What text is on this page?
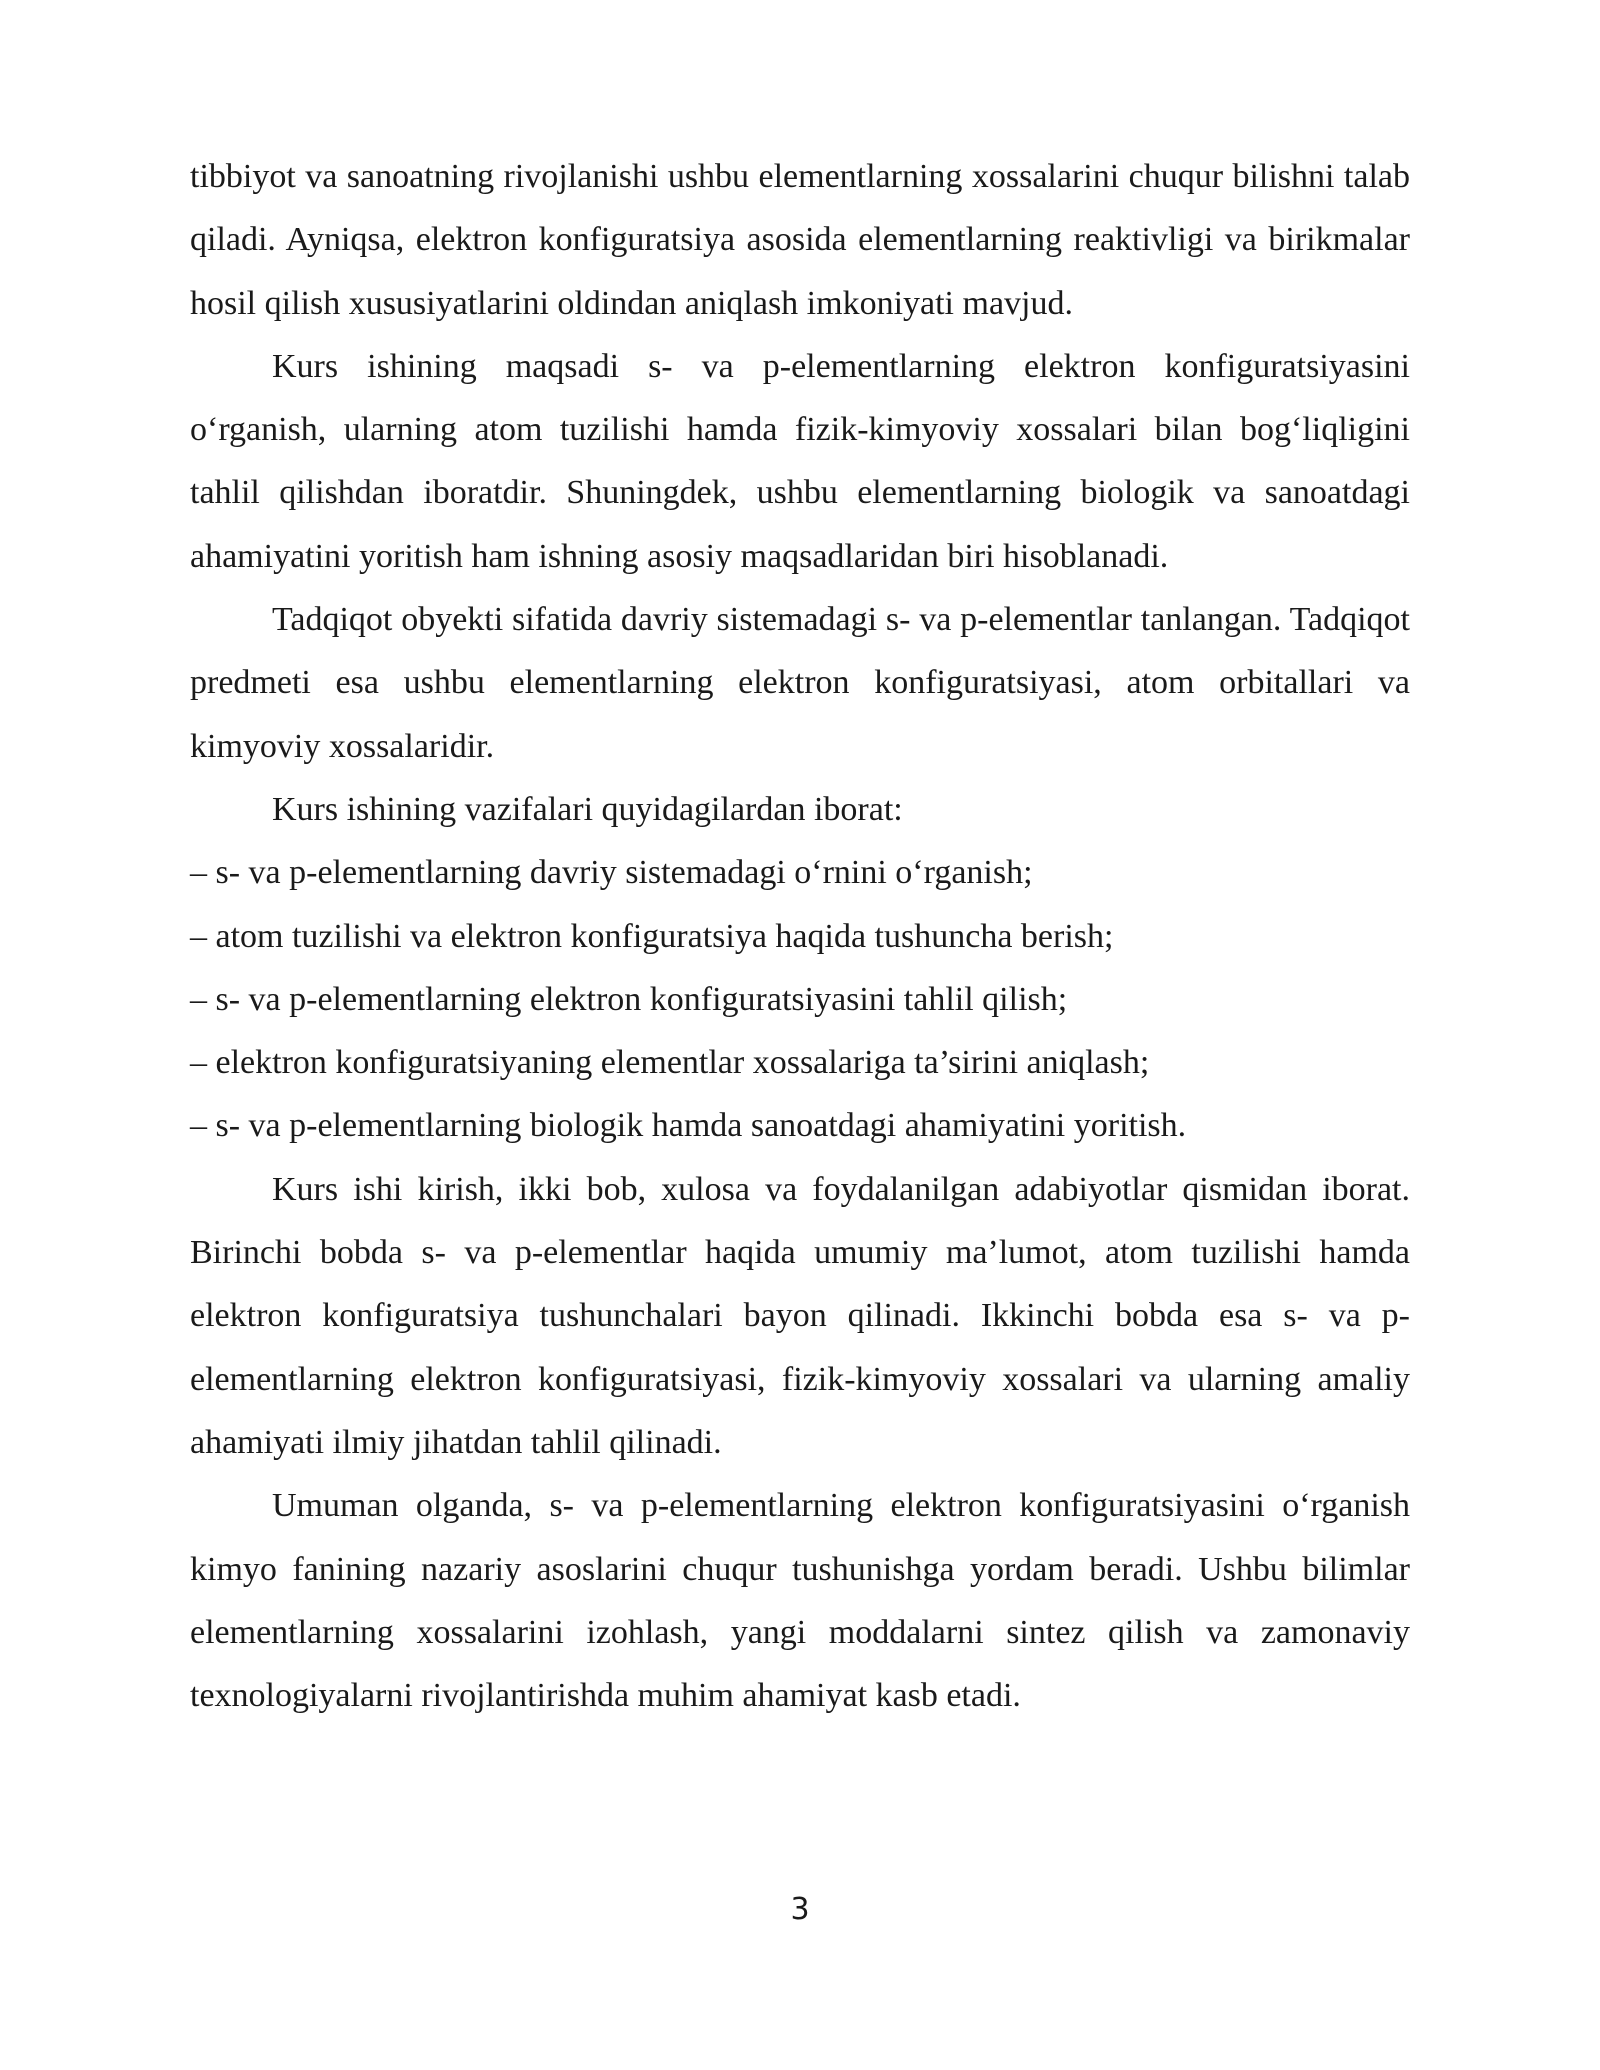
tibbiyot va sanoatning rivojlanishi ushbu elementlarning xossalarini chuqur bilishni talab qiladi. Ayniqsa, elektron konfiguratsiya asosida elementlarning reaktivligi va birikmalar hosil qilish xususiyatlarini oldindan aniqlash imkoniyati mavjud.

Kurs ishining maqsadi s- va p-elementlarning elektron konfiguratsiyasini o‘rganish, ularning atom tuzilishi hamda fizik-kimyoviy xossalari bilan bog‘liqligini tahlil qilishdan iboratdir. Shuningdek, ushbu elementlarning biologik va sanoatdagi ahamiyatini yoritish ham ishning asosiy maqsadlaridan biri hisoblanadi.

Tadqiqot obyekti sifatida davriy sistemadagi s- va p-elementlar tanlangan. Tadqiqot predmeti esa ushbu elementlarning elektron konfiguratsiyasi, atom orbitallari va kimyoviy xossalaridir.

Kurs ishining vazifalari quyidagilardan iborat:

– s- va p-elementlarning davriy sistemadagi o‘rnini o‘rganish;
– atom tuzilishi va elektron konfiguratsiya haqida tushuncha berish;
– s- va p-elementlarning elektron konfiguratsiyasini tahlil qilish;
– elektron konfiguratsiyaning elementlar xossalariga ta’sirini aniqlash;
– s- va p-elementlarning biologik hamda sanoatdagi ahamiyatini yoritish.

Kurs ishi kirish, ikki bob, xulosa va foydalanilgan adabiyotlar qismidan iborat. Birinchi bobda s- va p-elementlar haqida umumiy ma’lumot, atom tuzilishi hamda elektron konfiguratsiya tushunchalari bayon qilinadi. Ikkinchi bobda esa s- va p-elementlarning elektron konfiguratsiyasi, fizik-kimyoviy xossalari va ularning amaliy ahamiyati ilmiy jihatdan tahlil qilinadi.

Umuman olganda, s- va p-elementlarning elektron konfiguratsiyasini o‘rganish kimyo fanining nazariy asoslarini chuqur tushunishga yordam beradi. Ushbu bilimlar elementlarning xossalarini izohlash, yangi moddalarni sintez qilish va zamonaviy texnologiyalarni rivojlantirishda muhim ahamiyat kasb etadi.

3
